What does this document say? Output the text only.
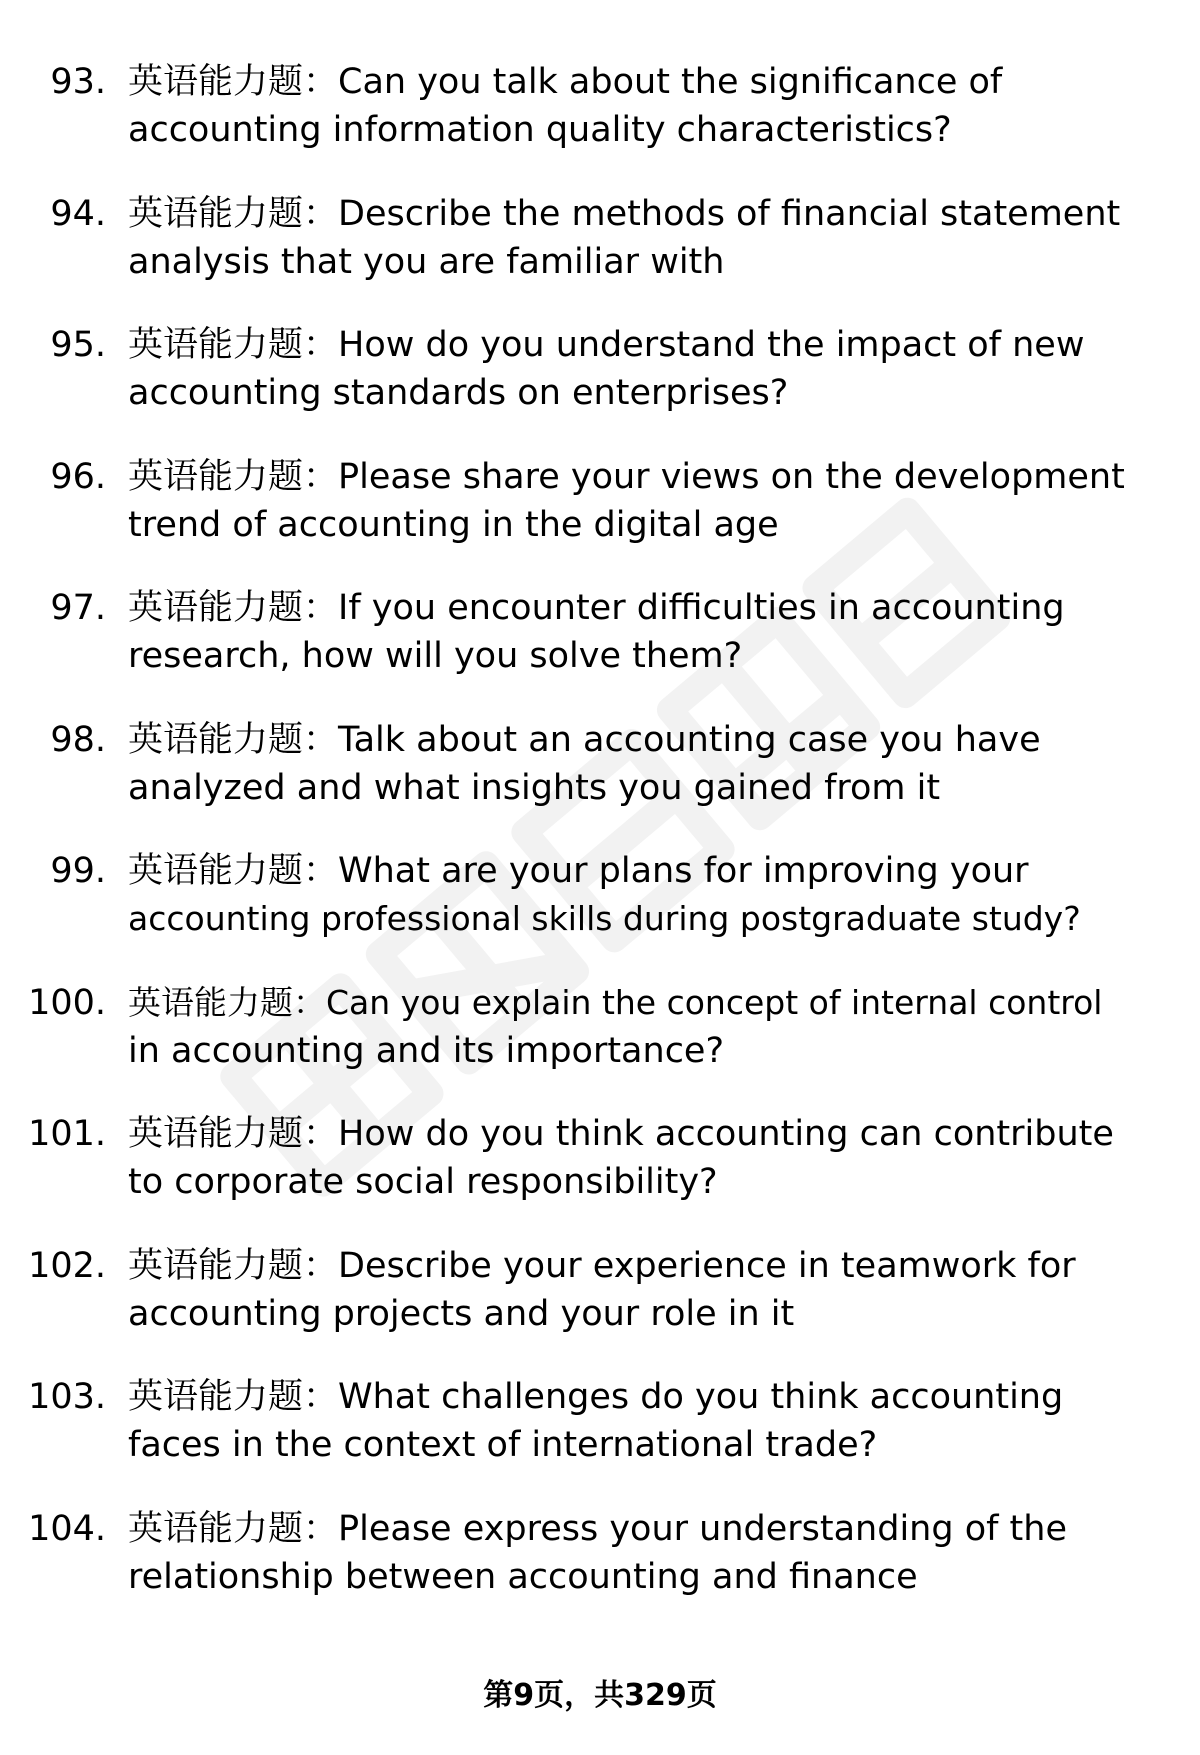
93. 英语能力题：Can you talk about the significance of
accounting information quality characteristics?
94. 英语能力题：Describe the methods of financial statement
analysis that you are familiar with
95. 英语能力题：How do you understand the impact of new
accounting standards on enterprises?
96. 英语能力题：Please share your views on the development
trend of accounting in the digital age
97. 英语能力题：If you encounter difficulties in accounting
research, how will you solve them?
98. 英语能力题：Talk about an accounting case you have
analyzed and what insights you gained from it
99. 英语能力题：What are your plans for improving your
accounting professional skills during postgraduate study?
100. 英语能力题：Can you explain the concept of internal control
in accounting and its importance?
101. 英语能力题：How do you think accounting can contribute
to corporate social responsibility?
102. 英语能力题：Describe your experience in teamwork for
accounting projects and your role in it
103. 英语能力题：What challenges do you think accounting
faces in the context of international trade?
104. 英语能力题：Please express your understanding of the
relationship between accounting and finance
第9页，共329页
